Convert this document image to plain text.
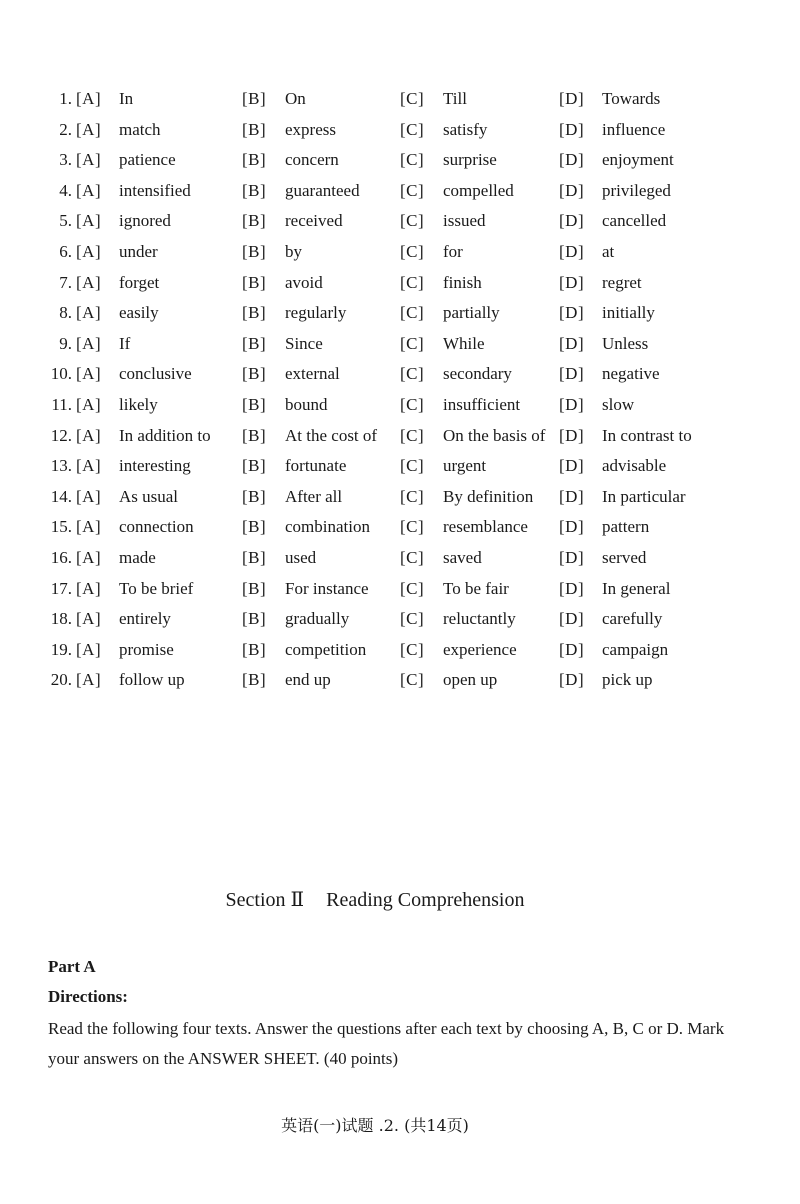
1. [A] In	[B] On	[C] Till	[D] Towards
2. [A] match	[B] express	[C] satisfy	[D] influence
3. [A] patience	[B] concern	[C] surprise	[D] enjoyment
4. [A] intensified	[B] guaranteed [C] compelled	[D] privileged
5. [A] ignored	[B] received	[C] issued	[D] cancelled
6. [A] under	[B] by	[C] for	[D] at
7. [A] forget	[B] avoid	[C] finish	[D] regret
8. [A] easily	[B] regularly	[C] partially	[D] initially
9. [A] If	[B] Since	[C] While	[D] Unless
10. [A] conclusive	[B] external	[C] secondary	[D] negative
11. [A] likely	[B] bound	[C] insufficient [D] slow
12. [A] In addition to [B] At the cost of [C] On the basis of [D] In contrast to
13. [A] interesting	[B] fortunate	[C] urgent	[D] advisable
14. [A] As usual	[B] After all	[C] By definition [D] In particular
15. [A] connection	[B] combination [C] resemblance [D] pattern
16. [A] made	[B] used	[C] saved	[D] served
17. [A] To be brief	[B] For instance [C] To be fair	[D] In general
18. [A] entirely	[B] gradually	[C] reluctantly	[D] carefully
19. [A] promise	[B] competition [C] experience [D] campaign
20. [A] follow up	[B] end up	[C] open up	[D] pick up
Section Ⅱ Reading Comprehension
Part A
Directions:
Read the following four texts. Answer the questions after each text by choosing A, B, C or D. Mark your answers on the ANSWER SHEET. (40 points)
英语(一)试题 .2. (共14页)
